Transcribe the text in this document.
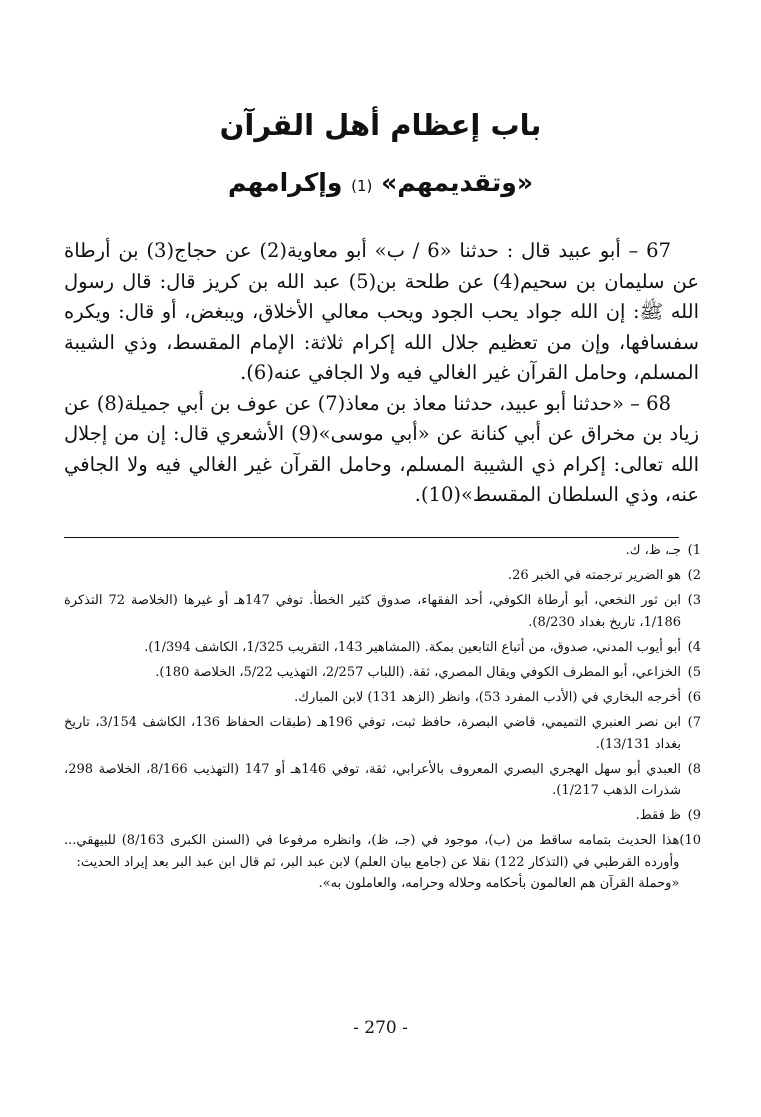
باب إعظام أهل القرآن
«وتقديمهم» (1) وإكرامهم

67 – أبو عبيد قال : حدثنا «6 / ب» أبو معاوية(2) عن حجاج(3) بن أرطاة عن سليمان بن سحيم(4) عن طلحة بن(5) عبد الله بن كريز قال: قال رسول الله ﷺ: إن الله جواد يحب الجود ويحب معالي الأخلاق، ويبغض، أو قال: ويكره سفسافها، وإن من تعظيم جلال الله إكرام ثلاثة: الإمام المقسط، وذي الشيبة المسلم، وحامل القرآن غير الغالي فيه ولا الجافي عنه(6).

68 – «حدثنا أبو عبيد، حدثنا معاذ بن معاذ(7) عن عوف بن أبي جميلة(8) عن زياد بن مخراق عن أبي كنانة عن «أبي موسى»(9) الأشعري قال: إن من إجلال الله تعالى: إكرام ذي الشيبة المسلم، وحامل القرآن غير الغالي فيه ولا الجافي عنه، وذي السلطان المقسط»(10).

1)
جـ، ظ، ك.
2)
هو الضرير ترجمته في الخبر 26.
3)
ابن ثور النخعي، أبو أرطاة الكوفي، أحد الفقهاء، صدوق كثير الخطأ. توفي 147هـ أو غيرها (الخلاصة 72 التذكرة 1/186، تاريخ بغداد 8/230).
4)
أبو أيوب المدني، صدوق، من أتباع التابعين بمكة. (المشاهير 143، التقريب 1/325، الكاشف 1/394).
5)
الخزاعي، أبو المطرف الكوفي ويقال المصري، ثقة. (اللباب 2/257، التهذيب 5/22، الخلاصة 180).
6)
أخرجه البخاري في (الأدب المفرد 53)، وانظر (الزهد 131) لابن المبارك.
7)
ابن نصر العنبري التميمي، قاضي البصرة، حافظ ثبت، توفي 196هـ (طبقات الحفاظ 136، الكاشف 3/154، تاريخ بغداد 13/131).
8)
العبدي أبو سهل الهجري البصري المعروف بالأعرابي، ثقة، توفي 146هـ أو 147 (التهذيب 8/166، الخلاصة 298، شذرات الذهب 1/217).
9)
ظ فقط.
10)
هذا الحديث بتمامه ساقط من (ب)، موجود في (جـ، ظ)، وانظره مرفوعا في (السنن الكبرى 8/163) للبيهقي... وأورده القرطبي في (التذكار 122) نقلا عن (جامع بيان العلم) لابن عبد البر، ثم قال ابن عبد البر بعد إيراد الحديث:
«وحملة القرآن هم العالمون بأحكامه وحلاله وحرامه، والعاملون به».
- 270 -
